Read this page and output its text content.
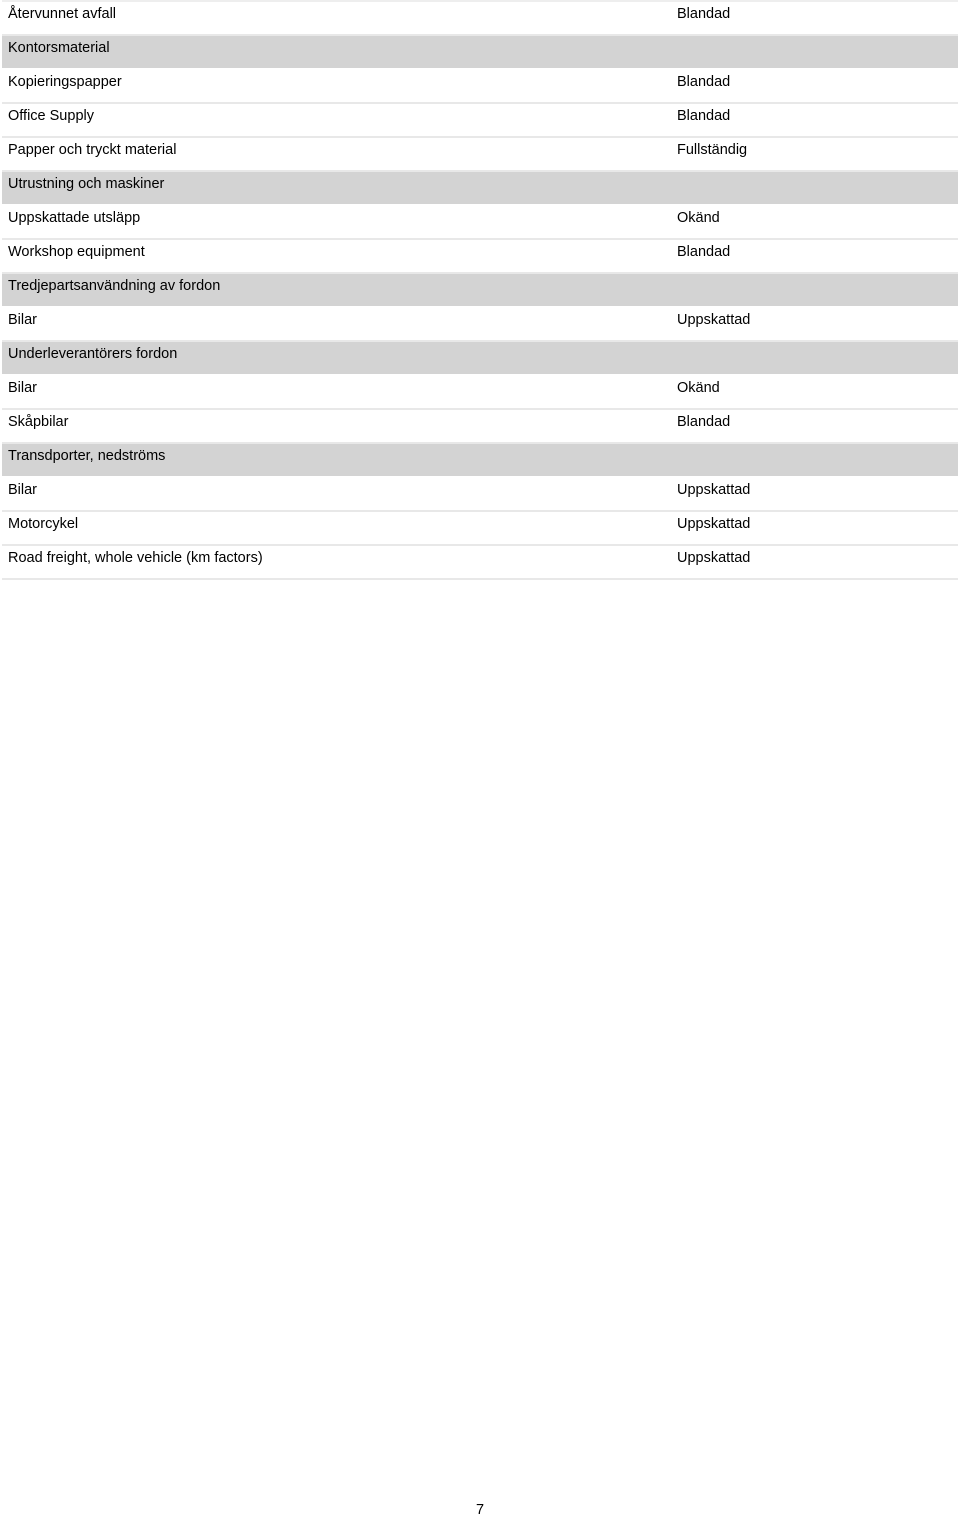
Återvunnet avfall	Blandad
Kontorsmaterial
Kopieringspapper	Blandad
Office Supply	Blandad
Papper och tryckt material	Fullständig
Utrustning och maskiner
Uppskattade utsläpp	Okänd
Workshop equipment	Blandad
Tredjepartsanvändning av fordon
Bilar	Uppskattad
Underleverantörers fordon
Bilar	Okänd
Skåpbilar	Blandad
Transdporter, nedströms
Bilar	Uppskattad
Motorcykel	Uppskattad
Road freight, whole vehicle (km factors)	Uppskattad
7
